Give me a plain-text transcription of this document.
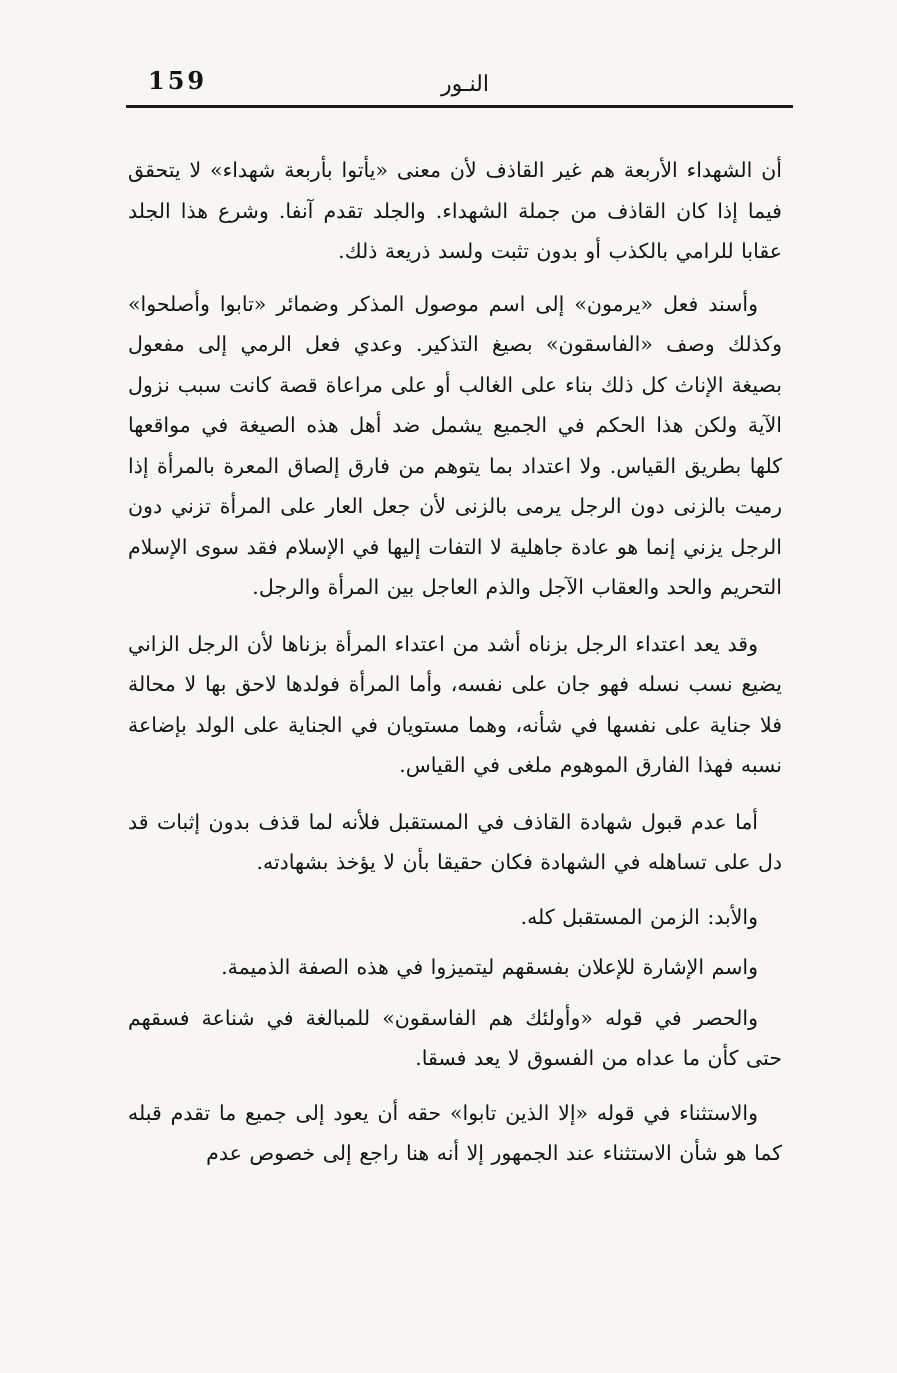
159	النـور

أن الشهداء الأربعة هم غير القاذف لأن معنى «يأتوا بأربعة شهداء» لا يتحقق فيما إذا كان القاذف من جملة الشهداء. والجلد تقدم آنفا. وشرع هذا الجلد عقابا للرامي بالكذب أو بدون تثبت ولسد ذريعة ذلك.

وأسند فعل «يرمون» إلى اسم موصول المذكر وضمائر «تابوا وأصلحوا» وكذلك وصف «الفاسقون» بصيغ التذكير. وعدي فعل الرمي إلى مفعول بصيغة الإناث كل ذلك بناء على الغالب أو على مراعاة قصة كانت سبب نزول الآية ولكن هذا الحكم في الجميع يشمل ضد أهل هذه الصيغة في مواقعها كلها بطريق القياس. ولا اعتداد بما يتوهم من فارق إلصاق المعرة بالمرأة إذا رميت بالزنى دون الرجل يرمى بالزنى لأن جعل العار على المرأة تزني دون الرجل يزني إنما هو عادة جاهلية لا التفات إليها في الإسلام فقد سوى الإسلام التحريم والحد والعقاب الآجل والذم العاجل بين المرأة والرجل.

وقد يعد اعتداء الرجل بزناه أشد من اعتداء المرأة بزناها لأن الرجل الزاني يضيع نسب نسله فهو جان على نفسه، وأما المرأة فولدها لاحق بها لا محالة فلا جناية على نفسها في شأنه، وهما مستويان في الجناية على الولد بإضاعة نسبه فهذا الفارق الموهوم ملغى في القياس.

أما عدم قبول شهادة القاذف في المستقبل فلأنه لما قذف بدون إثبات قد دل على تساهله في الشهادة فكان حقيقا بأن لا يؤخذ بشهادته.

والأبد: الزمن المستقبل كله.

واسم الإشارة للإعلان بفسقهم ليتميزوا في هذه الصفة الذميمة.

والحصر في قوله «وأولئك هم الفاسقون» للمبالغة في شناعة فسقهم حتى كأن ما عداه من الفسوق لا يعد فسقا.

والاستثناء في قوله «إلا الذين تابوا» حقه أن يعود إلى جميع ما تقدم قبله كما هو شأن الاستثناء عند الجمهور إلا أنه هنا راجع إلى خصوص عدم
